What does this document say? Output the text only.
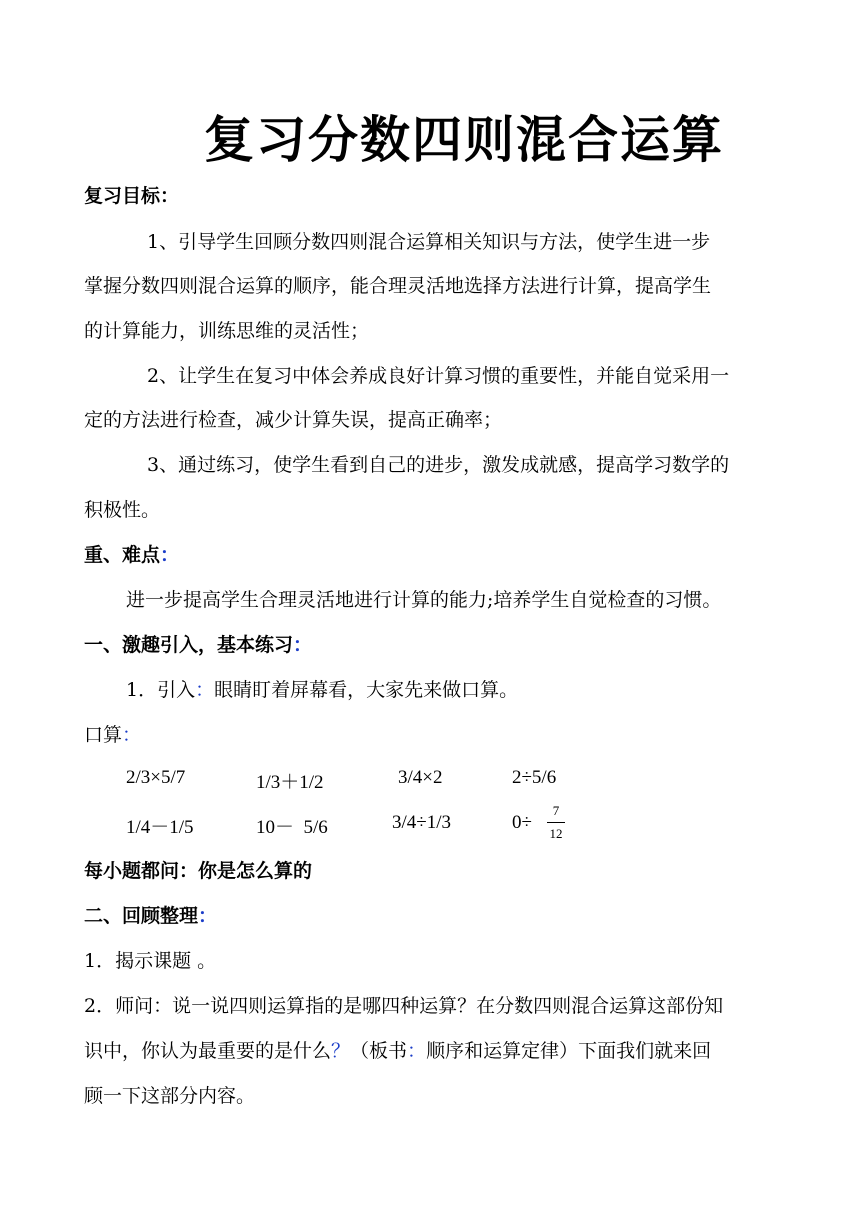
复习分数四则混合运算
复习目标：
1、引导学生回顾分数四则混合运算相关知识与方法，使学生进一步
掌握分数四则混合运算的顺序，能合理灵活地选择方法进行计算，提高学生
的计算能力，训练思维的灵活性；
2、让学生在复习中体会养成良好计算习惯的重要性，并能自觉采用一
定的方法进行检查，减少计算失误，提高正确率；
3、通过练习，使学生看到自己的进步，激发成就感，提高学习数学的
积极性。
重、难点：
进一步提高学生合理灵活地进行计算的能力;培养学生自觉检查的习惯。
一、激趣引入，基本练习：
1．引入：眼睛盯着屏幕看，大家先来做口算。
口算：
2/3×5/7	1/3＋1/2	3/4×2	2÷5/6
1/4－1/5	10－  5/6	3/4÷1/3	0÷
7
12
每小题都问：你是怎么算的
二、回顾整理：
1．揭示课题 。
2．师问：说一说四则运算指的是哪四种运算？在分数四则混合运算这部份知
识中，你认为最重要的是什么？（板书：顺序和运算定律）下面我们就来回
顾一下这部分内容。
